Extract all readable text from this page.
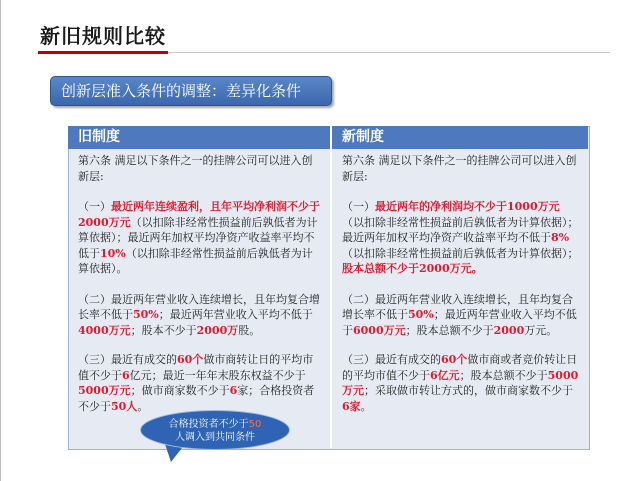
新旧规则比较
创新层准入条件的调整：差异化条件
旧制度

第六条 满足以下条件之一的挂牌公司可以进入创新层:

（一）最近两年连续盈利，且年平均净利润不少于2000万元（以扣除非经常性损益前后孰低者为计算依据）；最近两年加权平均净资产收益率平均不低于10%（以扣除非经常性损益前后孰低者为计算依据）。

（二）最近两年营业收入连续增长，且年均复合增长率不低于50%；最近两年营业收入平均不低于4000万元；股本不少于2000万股。

（三）最近有成交的60个做市商转让日的平均市值不少于6亿元；最近一年年末股东权益不少于5000万元；做市商家数不少于6家；合格投资者不少于50人。

新制度

第六条 满足以下条件之一的挂牌公司可以进入创新层:

（一）最近两年的净利润均不少于1000万元（以扣除非经常性损益前后孰低者为计算依据）；最近两年加权平均净资产收益率平均不低于8%（以扣除非经常性损益前后孰低者为计算依据）；股本总额不少于2000万元。

（二）最近两年营业收入连续增长，且年均复合增长率不低于50%；最近两年营业收入平均不低于6000万元；股本总额不少于2000万元。

（三）最近有成交的60个做市商或者竞价转让日的平均市值不少于6亿元；股本总额不少于5000万元；采取做市转让方式的，做市商家数不少于6家。

合格投资者不少于50
人调入到共同条件
